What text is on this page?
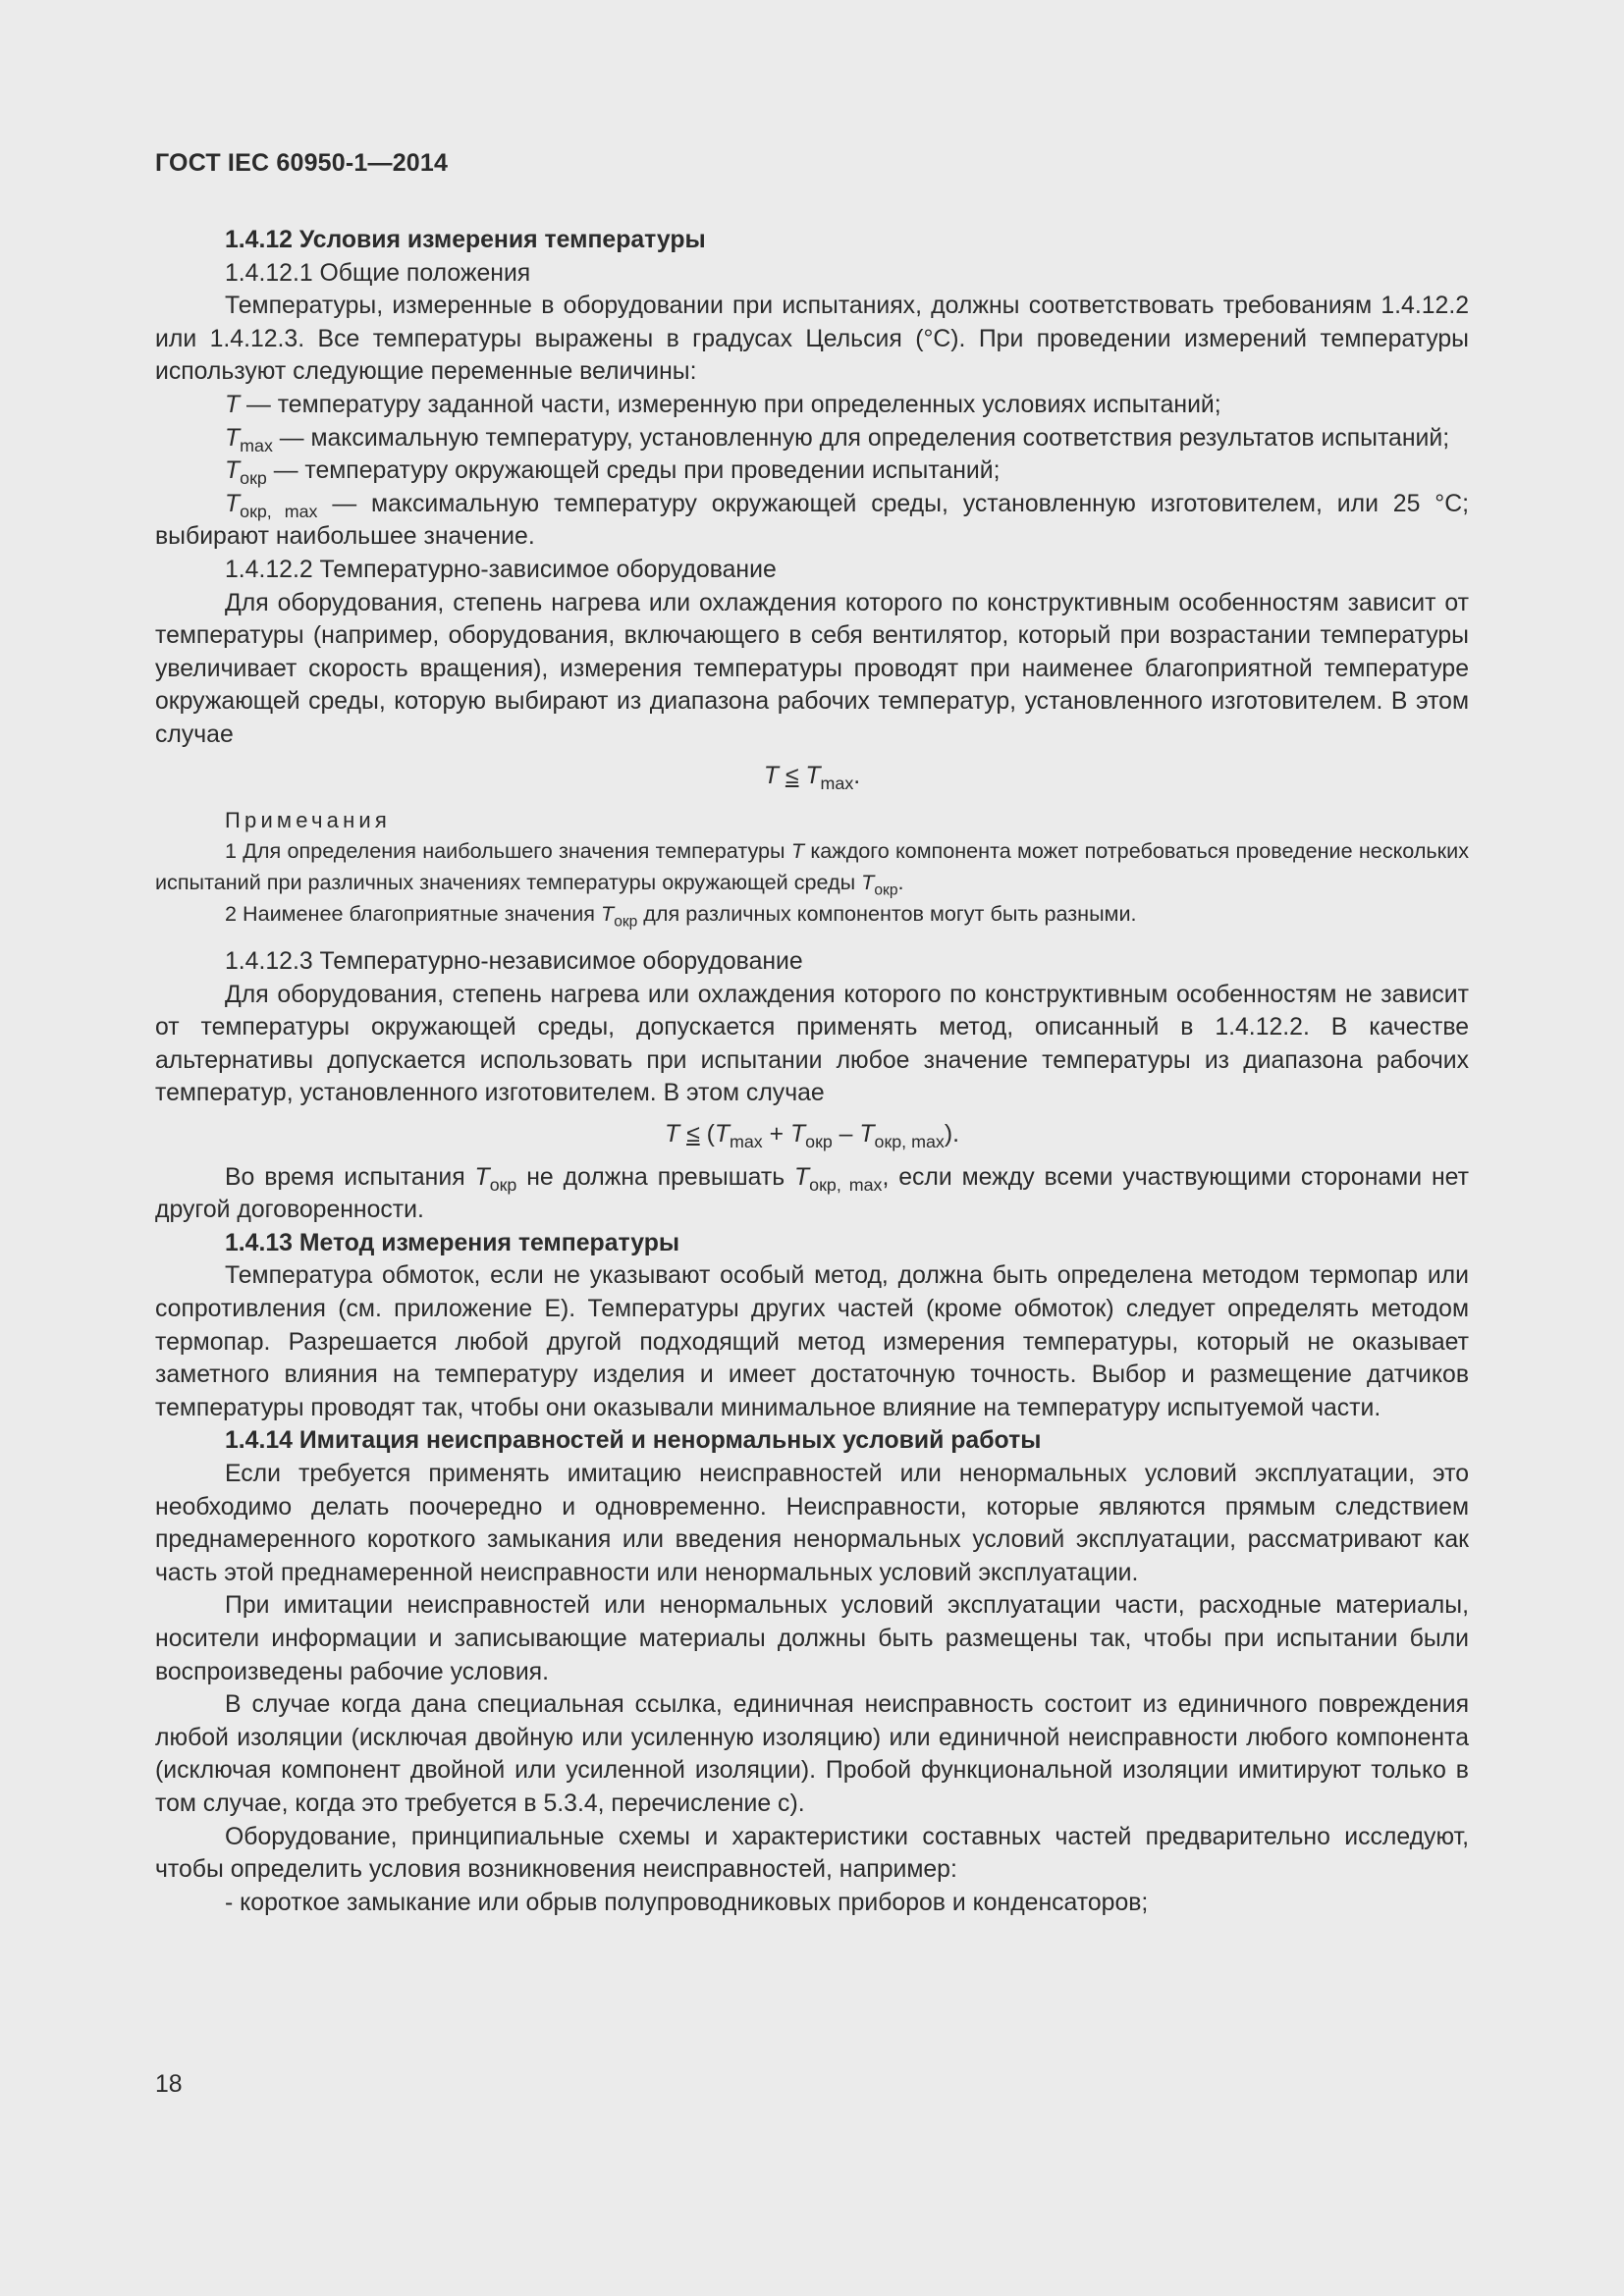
ГОСТ IEC 60950-1—2014

1.4.12 Условия измерения температуры

1.4.12.1 Общие положения

Температуры, измеренные в оборудовании при испытаниях, должны соответствовать требованиям 1.4.12.2 или 1.4.12.3. Все температуры выражены в градусах Цельсия (°C). При проведении измерений температуры используют следующие переменные величины:

T — температуру заданной части, измеренную при определенных условиях испытаний;

$T_{max}$ — максимальную температуру, установленную для определения соответствия результатов испытаний;

$T_{окр}$ — температуру окружающей среды при проведении испытаний;

$T_{окр, max}$ — максимальную температуру окружающей среды, установленную изготовителем, или 25 °C; выбирают наибольшее значение.

1.4.12.2 Температурно-зависимое оборудование

Для оборудования, степень нагрева или охлаждения которого по конструктивным особенностям зависит от температуры (например, оборудования, включающего в себя вентилятор, который при возрастании температуры увеличивает скорость вращения), измерения температуры проводят при наименее благоприятной температуре окружающей среды, которую выбирают из диапазона рабочих температур, установленного изготовителем. В этом случае

$T \le T_{max}$.

Примечания

1 Для определения наибольшего значения температуры T каждого компонента может потребоваться проведение нескольких испытаний при различных значениях температуры окружающей среды $T_{окр}$.

2 Наименее благоприятные значения $T_{окр}$ для различных компонентов могут быть разными.

1.4.12.3 Температурно-независимое оборудование

Для оборудования, степень нагрева или охлаждения которого по конструктивным особенностям не зависит от температуры окружающей среды, допускается применять метод, описанный в 1.4.12.2. В качестве альтернативы допускается использовать при испытании любое значение температуры из диапазона рабочих температур, установленного изготовителем. В этом случае

$T \le (T_{max} + T_{окр} - T_{окр, max})$.

Во время испытания $T_{окр}$ не должна превышать $T_{окр, max}$, если между всеми участвующими сторонами нет другой договоренности.

1.4.13 Метод измерения температуры

Температура обмоток, если не указывают особый метод, должна быть определена методом термопар или сопротивления (см. приложение Е). Температуры других частей (кроме обмоток) следует определять методом термопар. Разрешается любой другой подходящий метод измерения температуры, который не оказывает заметного влияния на температуру изделия и имеет достаточную точность. Выбор и размещение датчиков температуры проводят так, чтобы они оказывали минимальное влияние на температуру испытуемой части.

1.4.14 Имитация неисправностей и ненормальных условий работы

Если требуется применять имитацию неисправностей или ненормальных условий эксплуатации, это необходимо делать поочередно и одновременно. Неисправности, которые являются прямым следствием преднамеренного короткого замыкания или введения ненормальных условий эксплуатации, рассматривают как часть этой преднамеренной неисправности или ненормальных условий эксплуатации.

При имитации неисправностей или ненормальных условий эксплуатации части, расходные материалы, носители информации и записывающие материалы должны быть размещены так, чтобы при испытании были воспроизведены рабочие условия.

В случае когда дана специальная ссылка, единичная неисправность состоит из единичного повреждения любой изоляции (исключая двойную или усиленную изоляцию) или единичной неисправности любого компонента (исключая компонент двойной или усиленной изоляции). Пробой функциональной изоляции имитируют только в том случае, когда это требуется в 5.3.4, перечисление с).

Оборудование, принципиальные схемы и характеристики составных частей предварительно исследуют, чтобы определить условия возникновения неисправностей, например:

- короткое замыкание или обрыв полупроводниковых приборов и конденсаторов;

18
